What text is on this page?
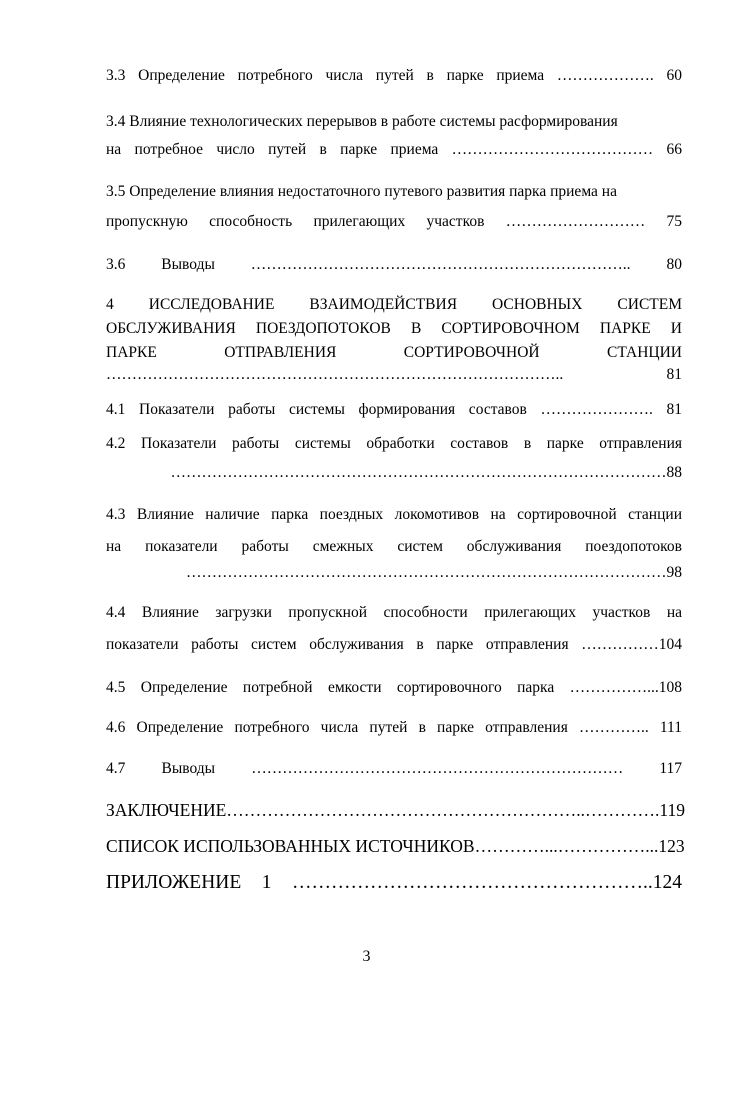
3.3 Определение потребного числа путей в парке приема ………………. 60
3.4 Влияние технологических перерывов в работе системы расформирования
на потребное число путей в парке приема ………………………………… 66
3.5 Определение влияния недостаточного путевого развития парка приема на
пропускную способность прилегающих участков ……………………… 75
3.6 Выводы ……………………………………………………………….. 80
4 ИССЛЕДОВАНИЕ ВЗАИМОДЕЙСТВИЯ ОСНОВНЫХ СИСТЕМ
ОБСЛУЖИВАНИЯ ПОЕЗДОПОТОКОВ В СОРТИРОВОЧНОМ ПАРКЕ И
ПАРКЕ ОТПРАВЛЕНИЯ СОРТИРОВОЧНОЙ СТАНЦИИ
…………………………………………………………………………….. 81
4.1 Показатели работы системы формирования составов …………………. 81
4.2 Показатели работы системы обработки составов в парке отправления
……………………………………………………………………………………88
4.3 Влияние наличие парка поездных локомотивов на сортировочной станции
на показатели работы смежных систем обслуживания поездопотоков
…………………………………………………………………………………98
4.4 Влияние загрузки пропускной способности прилегающих участков на
показатели работы систем обслуживания в парке отправления ……………104
4.5 Определение потребной емкости сортировочного парка ……………...108
4.6 Определение потребного числа путей в парке отправления ………….. 111
4.7 Выводы ……………………………………………………………… 117
ЗАКЛЮЧЕНИЕ……………………………………………………..………….119
СПИСОК ИСПОЛЬЗОВАННЫХ ИСТОЧНИКОВ…………...……………...123
ПРИЛОЖЕНИЕ 1 ………………………………………………..124
3
